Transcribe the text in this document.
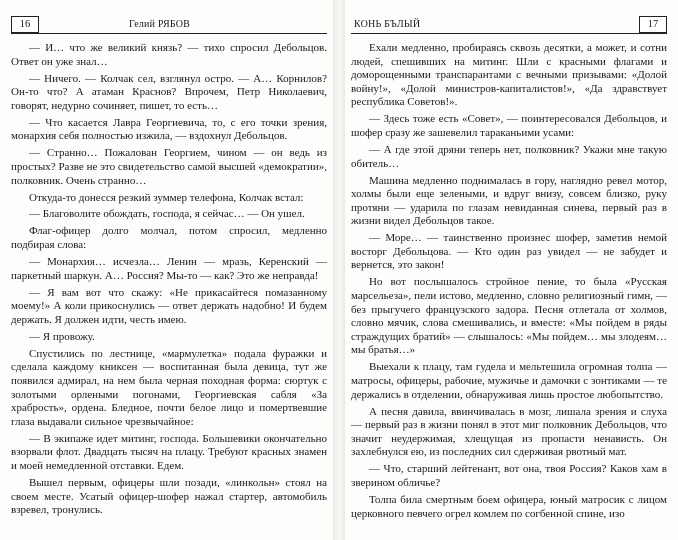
16	Гелий РЯБОВ

— И… что же великий князь? — тихо спросил Дебольцов. Ответ он уже знал…

— Ничего. — Колчак сел, взглянул остро. — А… Корнилов? Он-то что? А атаман Краснов? Впрочем, Петр Николаевич, говорят, недурно сочиняет, пишет, то есть…

— Что касается Лавра Георгиевича, то, с его точки зрения, монархия себя полностью изжила, — вздохнул Дебольцов.

— Странно… Пожалован Георгием, чином — он ведь из простых? Разве не это свидетельство самой высшей «демократии», полковник. Очень странно…

Откуда-то донесся резкий зуммер телефона, Колчак встал:

— Благоволите обождать, господа, я сейчас… — Он ушел.

Флаг-офицер долго молчал, потом спросил, медленно подбирая слова:

— Монархия… исчезла… Ленин — мразь, Керенский — паркетный шаркун. А… Россия? Мы-то — как? Это же неправда!

— Я вам вот что скажу: «Не прикасайтеся помазанному моему!» А коли прикоснулись — ответ держать надобно! И будем держать. Я должен идти, честь имею.

— Я провожу.

Спустились по лестнице, «мармулетка» подала фуражки и сделала каждому книксен — воспитанная была девица, тут же появился адмирал, на нем была черная походная форма: сюртук с золотыми орлеными погонами, Георгиевская сабля «За храбрость», ордена. Бледное, почти белое лицо и помертвевшие глаза выдавали сильное чрезвычайное:

— В экипаже идет митинг, господа. Большевики окончательно взорвали флот. Двадцать тысяч на плацу. Требуют красных знамен и моей немедленной отставки. Едем.

Вышел первым, офицеры шли позади, «линкольн» стоял на своем месте. Усатый офицер-шофер нажал стартер, автомобиль взревел, тронулись.

КОНЬ БЪЛЫЙ	17

Ехали медленно, пробираясь сквозь десятки, а может, и сотни людей, спешивших на митинг. Шли с красными флагами и доморощенными транспарантами с вечными призывами: «Долой войну!», «Долой министров-капиталистов!», «Да здравствует республика Советов!».

— Здесь тоже есть «Совет», — поинтересовался Дебольцов, и шофер сразу же зашевелил тараканьими усами:

— А где этой дряни теперь нет, полковник? Укажи мне такую обитель…

Машина медленно поднималась в гору, наглядно ревел мотор, холмы были еще зелеными, и вдруг внизу, совсем близко, руку протяни — ударила по глазам невиданная синева, первый раз в жизни видел Дебольцов такое.

— Море… — таинственно произнес шофер, заметив немой восторг Дебольцова. — Кто один раз увидел — не забудет и вернется, это закон!

Но вот послышалось стройное пение, то была «Русская марсельеза», пели истово, медленно, словно религиозный гимн, — без прыгучего французского задора. Песня отлетала от холмов, словно мячик, слова смешивались, и вместе: «Мы пойдем в ряды страждущих братий» — слышалось: «Мы пойдем… мы злодеям… мы братья…»

Выехали к плацу, там гудела и мельтешила огромная толпа — матросы, офицеры, рабочие, мужичье и дамочки с зонтиками — те держались в отделении, обнаруживая лишь простое любопытство.

А песня давила, ввинчивалась в мозг, лишала зрения и слуха — первый раз в жизни понял в этот миг полковник Дебольцов, что значит неудержимая, хлещущая из пропасти ненависть. Он захлебнулся ею, из последних сил сдерживая рвотный мат.

— Что, старший лейтенант, вот она, твоя Россия? Каков хам в зверином обличье?

Толпа била смертным боем офицера, юный матросик с лицом церковного певчего огрел комлем по согбенной спине, изо
